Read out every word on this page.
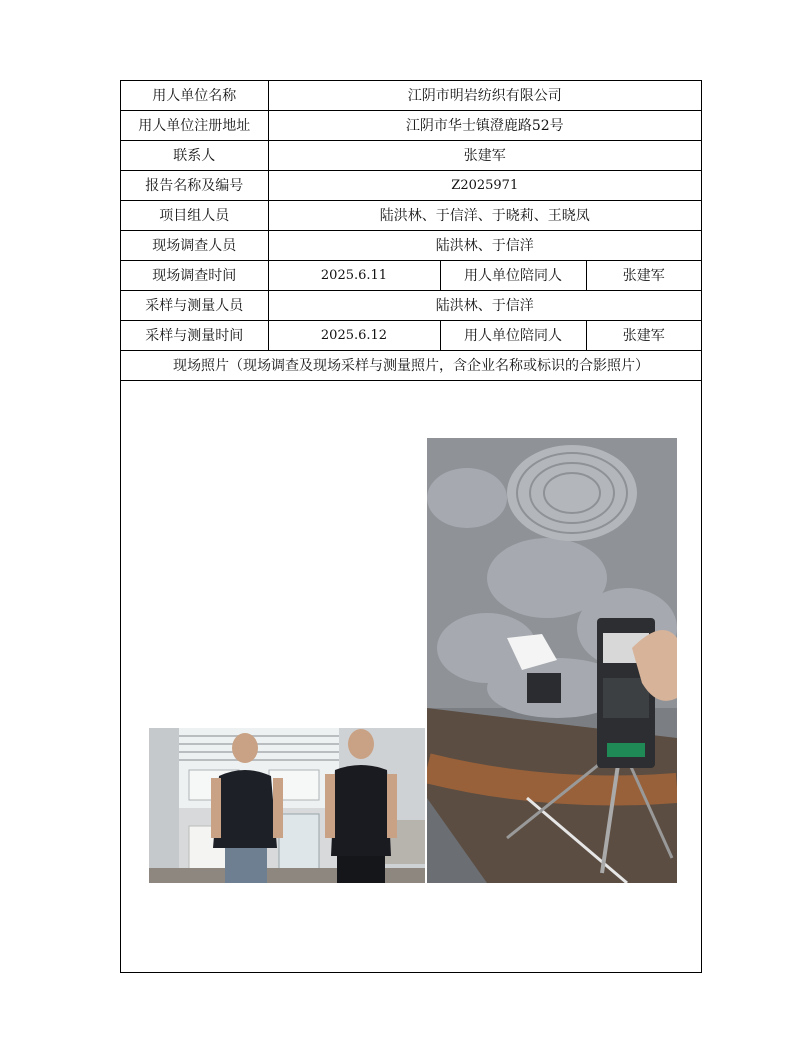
用人单位名称	江阴市明岩纺织有限公司		
用人单位注册地址	江阴市华士镇澄鹿路52号		
联系人	张建军		
报告名称及编号	Z2025971		
项目组人员	陆洪林、于信洋、于晓莉、王晓凤		
现场调查人员	陆洪林、于信洋		
现场调查时间	2025.6.11	用人单位陪同人	张建军
采样与测量人员	陆洪林、于信洋		
采样与测量时间	2025.6.12	用人单位陪同人	张建军
现场照片（现场调查及现场采样与测量照片，含企业名称或标识的合影照片）			
